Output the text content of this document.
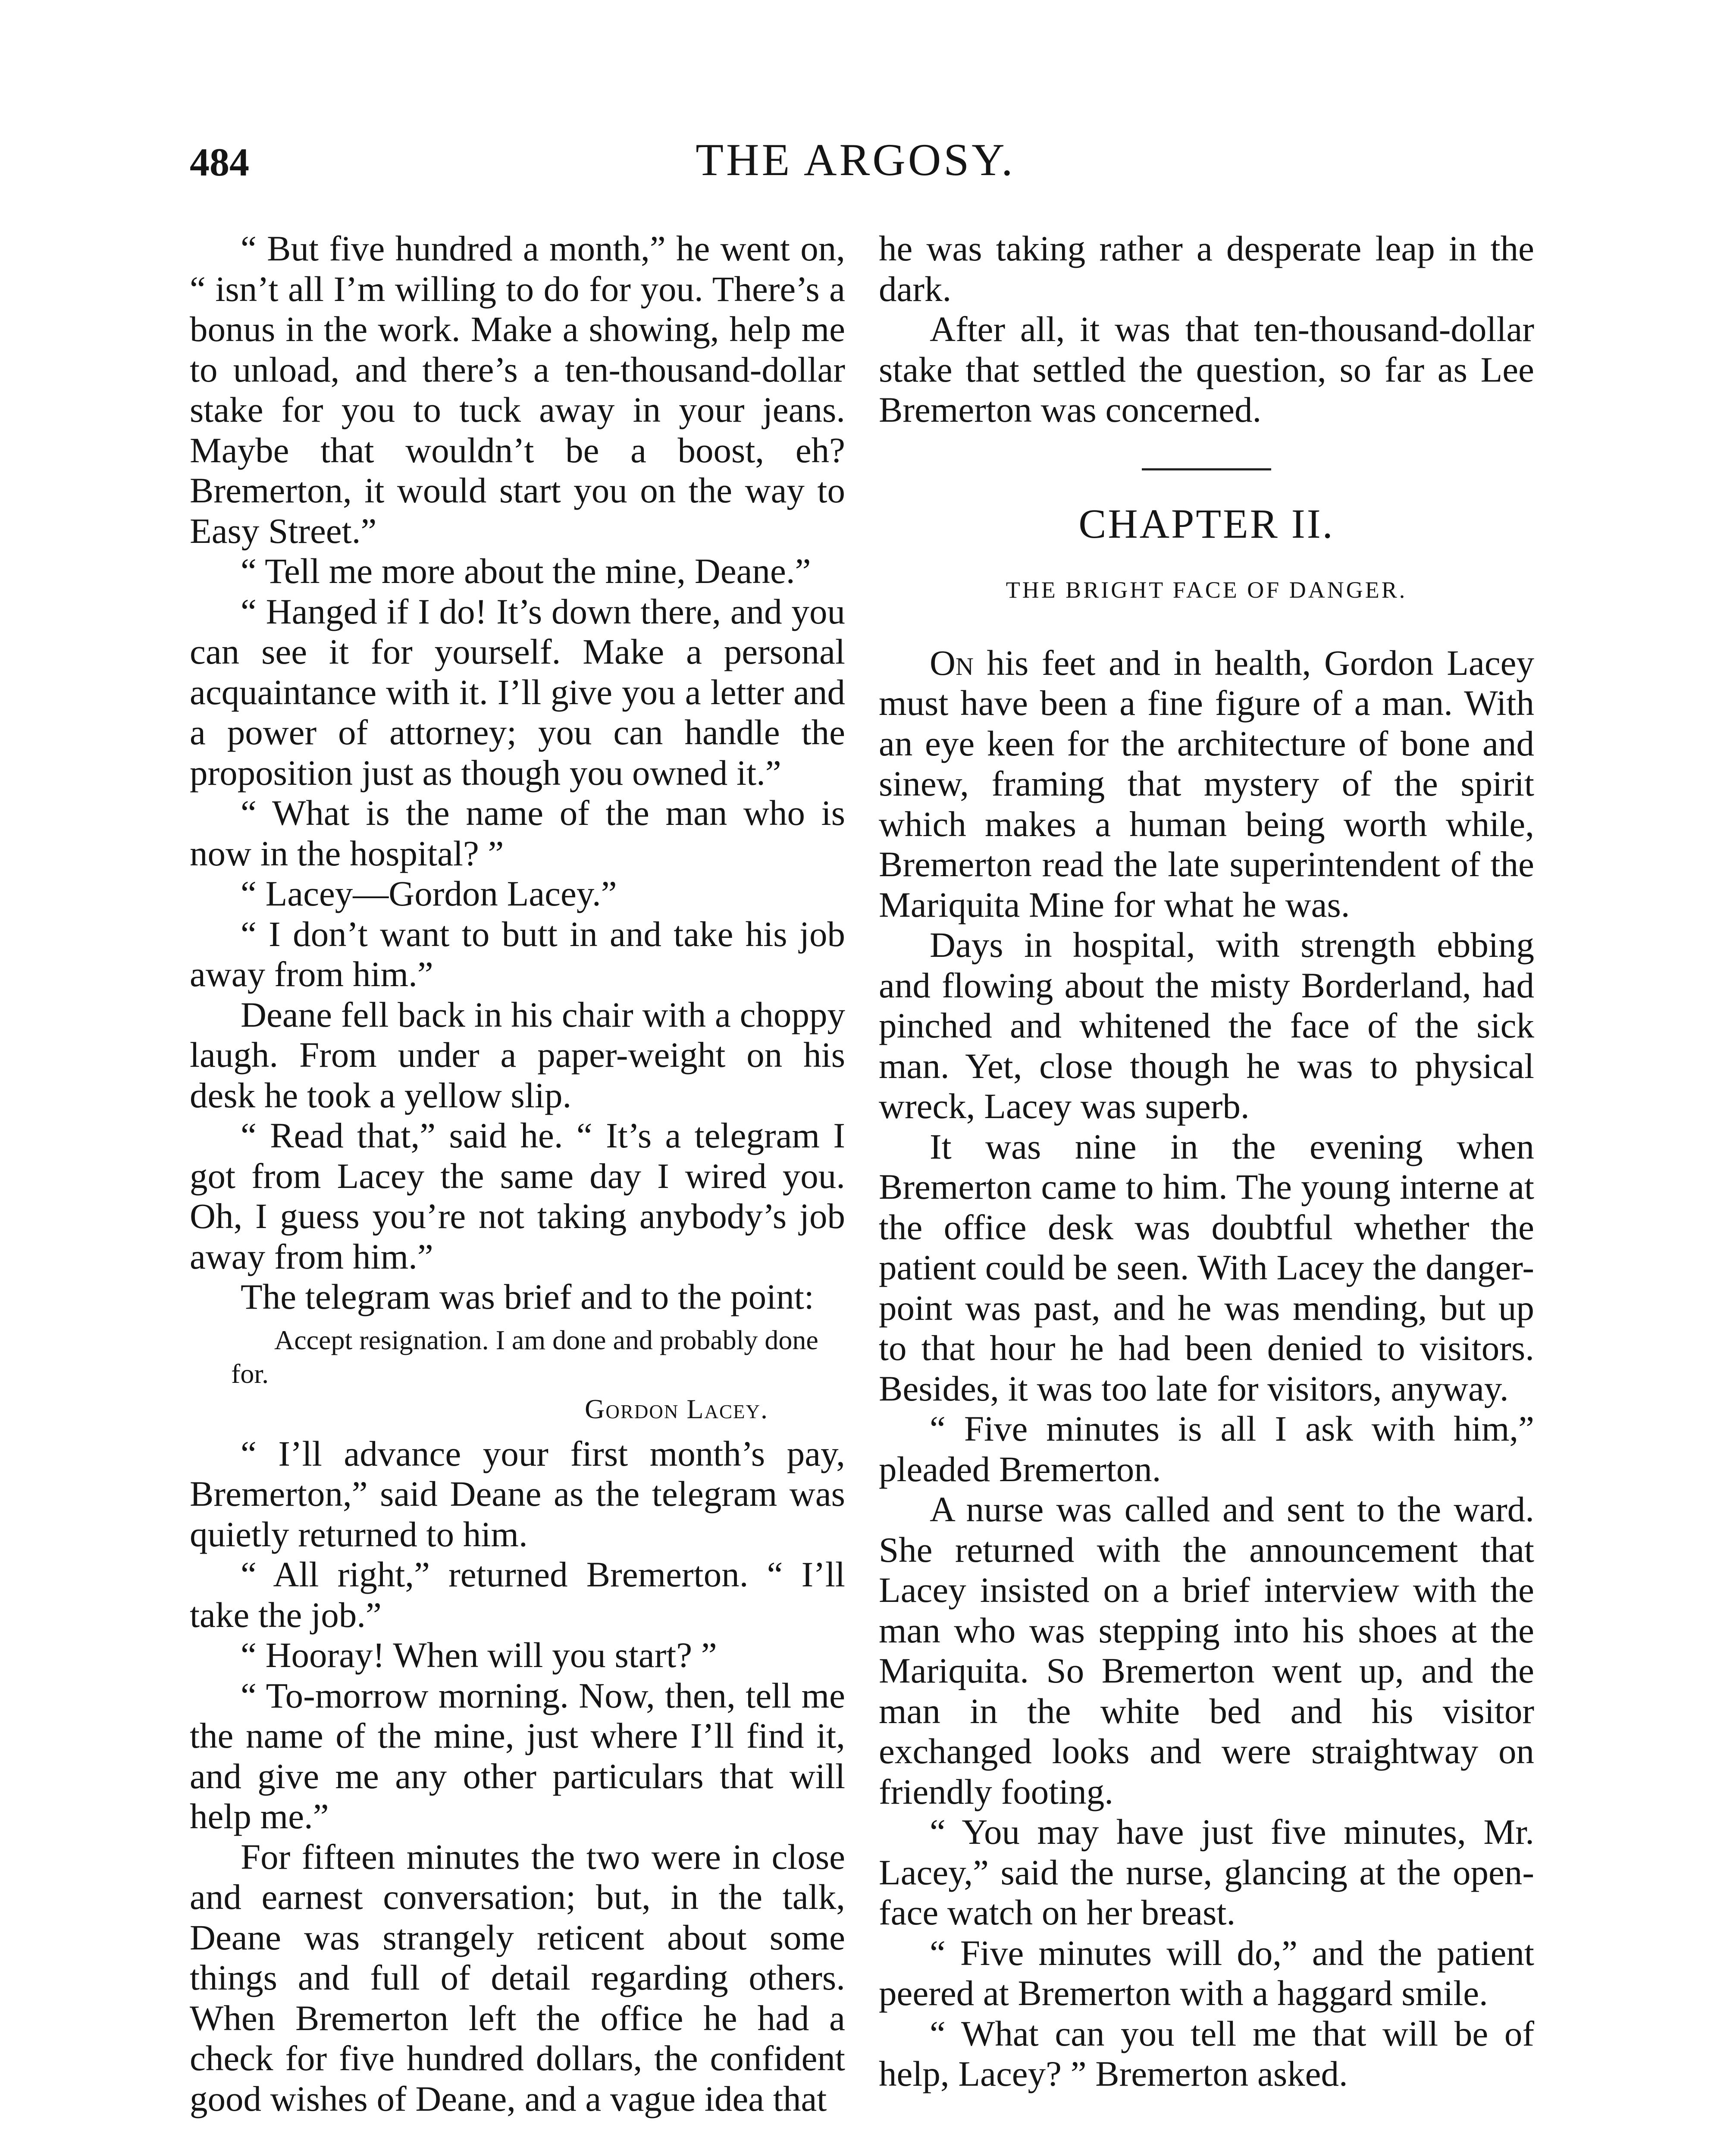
484	THE ARGOSY.

“ But five hundred a month,” he went on, “ isn’t all I’m willing to do for you. There’s a bonus in the work. Make a showing, help me to unload, and there’s a ten-thousand-dollar stake for you to tuck away in your jeans. Maybe that wouldn’t be a boost, eh? Bremerton, it would start you on the way to Easy Street.”

“ Tell me more about the mine, Deane.”

“ Hanged if I do! It’s down there, and you can see it for yourself. Make a personal acquaintance with it. I’ll give you a letter and a power of attorney; you can handle the proposition just as though you owned it.”

“ What is the name of the man who is now in the hospital? ”

“ Lacey—Gordon Lacey.”

“ I don’t want to butt in and take his job away from him.”

Deane fell back in his chair with a choppy laugh. From under a paper-weight on his desk he took a yellow slip.

“ Read that,” said he. “ It’s a telegram I got from Lacey the same day I wired you. Oh, I guess you’re not taking anybody’s job away from him.”

The telegram was brief and to the point:

Accept resignation. I am done and probably done for.

Gordon Lacey.

“ I’ll advance your first month’s pay, Bremerton,” said Deane as the telegram was quietly returned to him.

“ All right,” returned Bremerton. “ I’ll take the job.”

“ Hooray! When will you start? ”

“ To-morrow morning. Now, then, tell me the name of the mine, just where I’ll find it, and give me any other particulars that will help me.”

For fifteen minutes the two were in close and earnest conversation; but, in the talk, Deane was strangely reticent about some things and full of detail regarding others. When Bremerton left the office he had a check for five hundred dollars, the confident good wishes of Deane, and a vague idea that

he was taking rather a desperate leap in the dark.

After all, it was that ten-thousand-dollar stake that settled the question, so far as Lee Bremerton was concerned.

CHAPTER II.
THE BRIGHT FACE OF DANGER.

On his feet and in health, Gordon Lacey must have been a fine figure of a man. With an eye keen for the architecture of bone and sinew, framing that mystery of the spirit which makes a human being worth while, Bremerton read the late superintendent of the Mariquita Mine for what he was.

Days in hospital, with strength ebbing and flowing about the misty Borderland, had pinched and whitened the face of the sick man. Yet, close though he was to physical wreck, Lacey was superb.

It was nine in the evening when Bremerton came to him. The young interne at the office desk was doubtful whether the patient could be seen. With Lacey the danger-point was past, and he was mending, but up to that hour he had been denied to visitors. Besides, it was too late for visitors, anyway.

“ Five minutes is all I ask with him,” pleaded Bremerton.

A nurse was called and sent to the ward. She returned with the announcement that Lacey insisted on a brief interview with the man who was stepping into his shoes at the Mariquita. So Bremerton went up, and the man in the white bed and his visitor exchanged looks and were straightway on friendly footing.

“ You may have just five minutes, Mr. Lacey,” said the nurse, glancing at the open-face watch on her breast.

“ Five minutes will do,” and the patient peered at Bremerton with a haggard smile.

“ What can you tell me that will be of help, Lacey? ” Bremerton asked.
